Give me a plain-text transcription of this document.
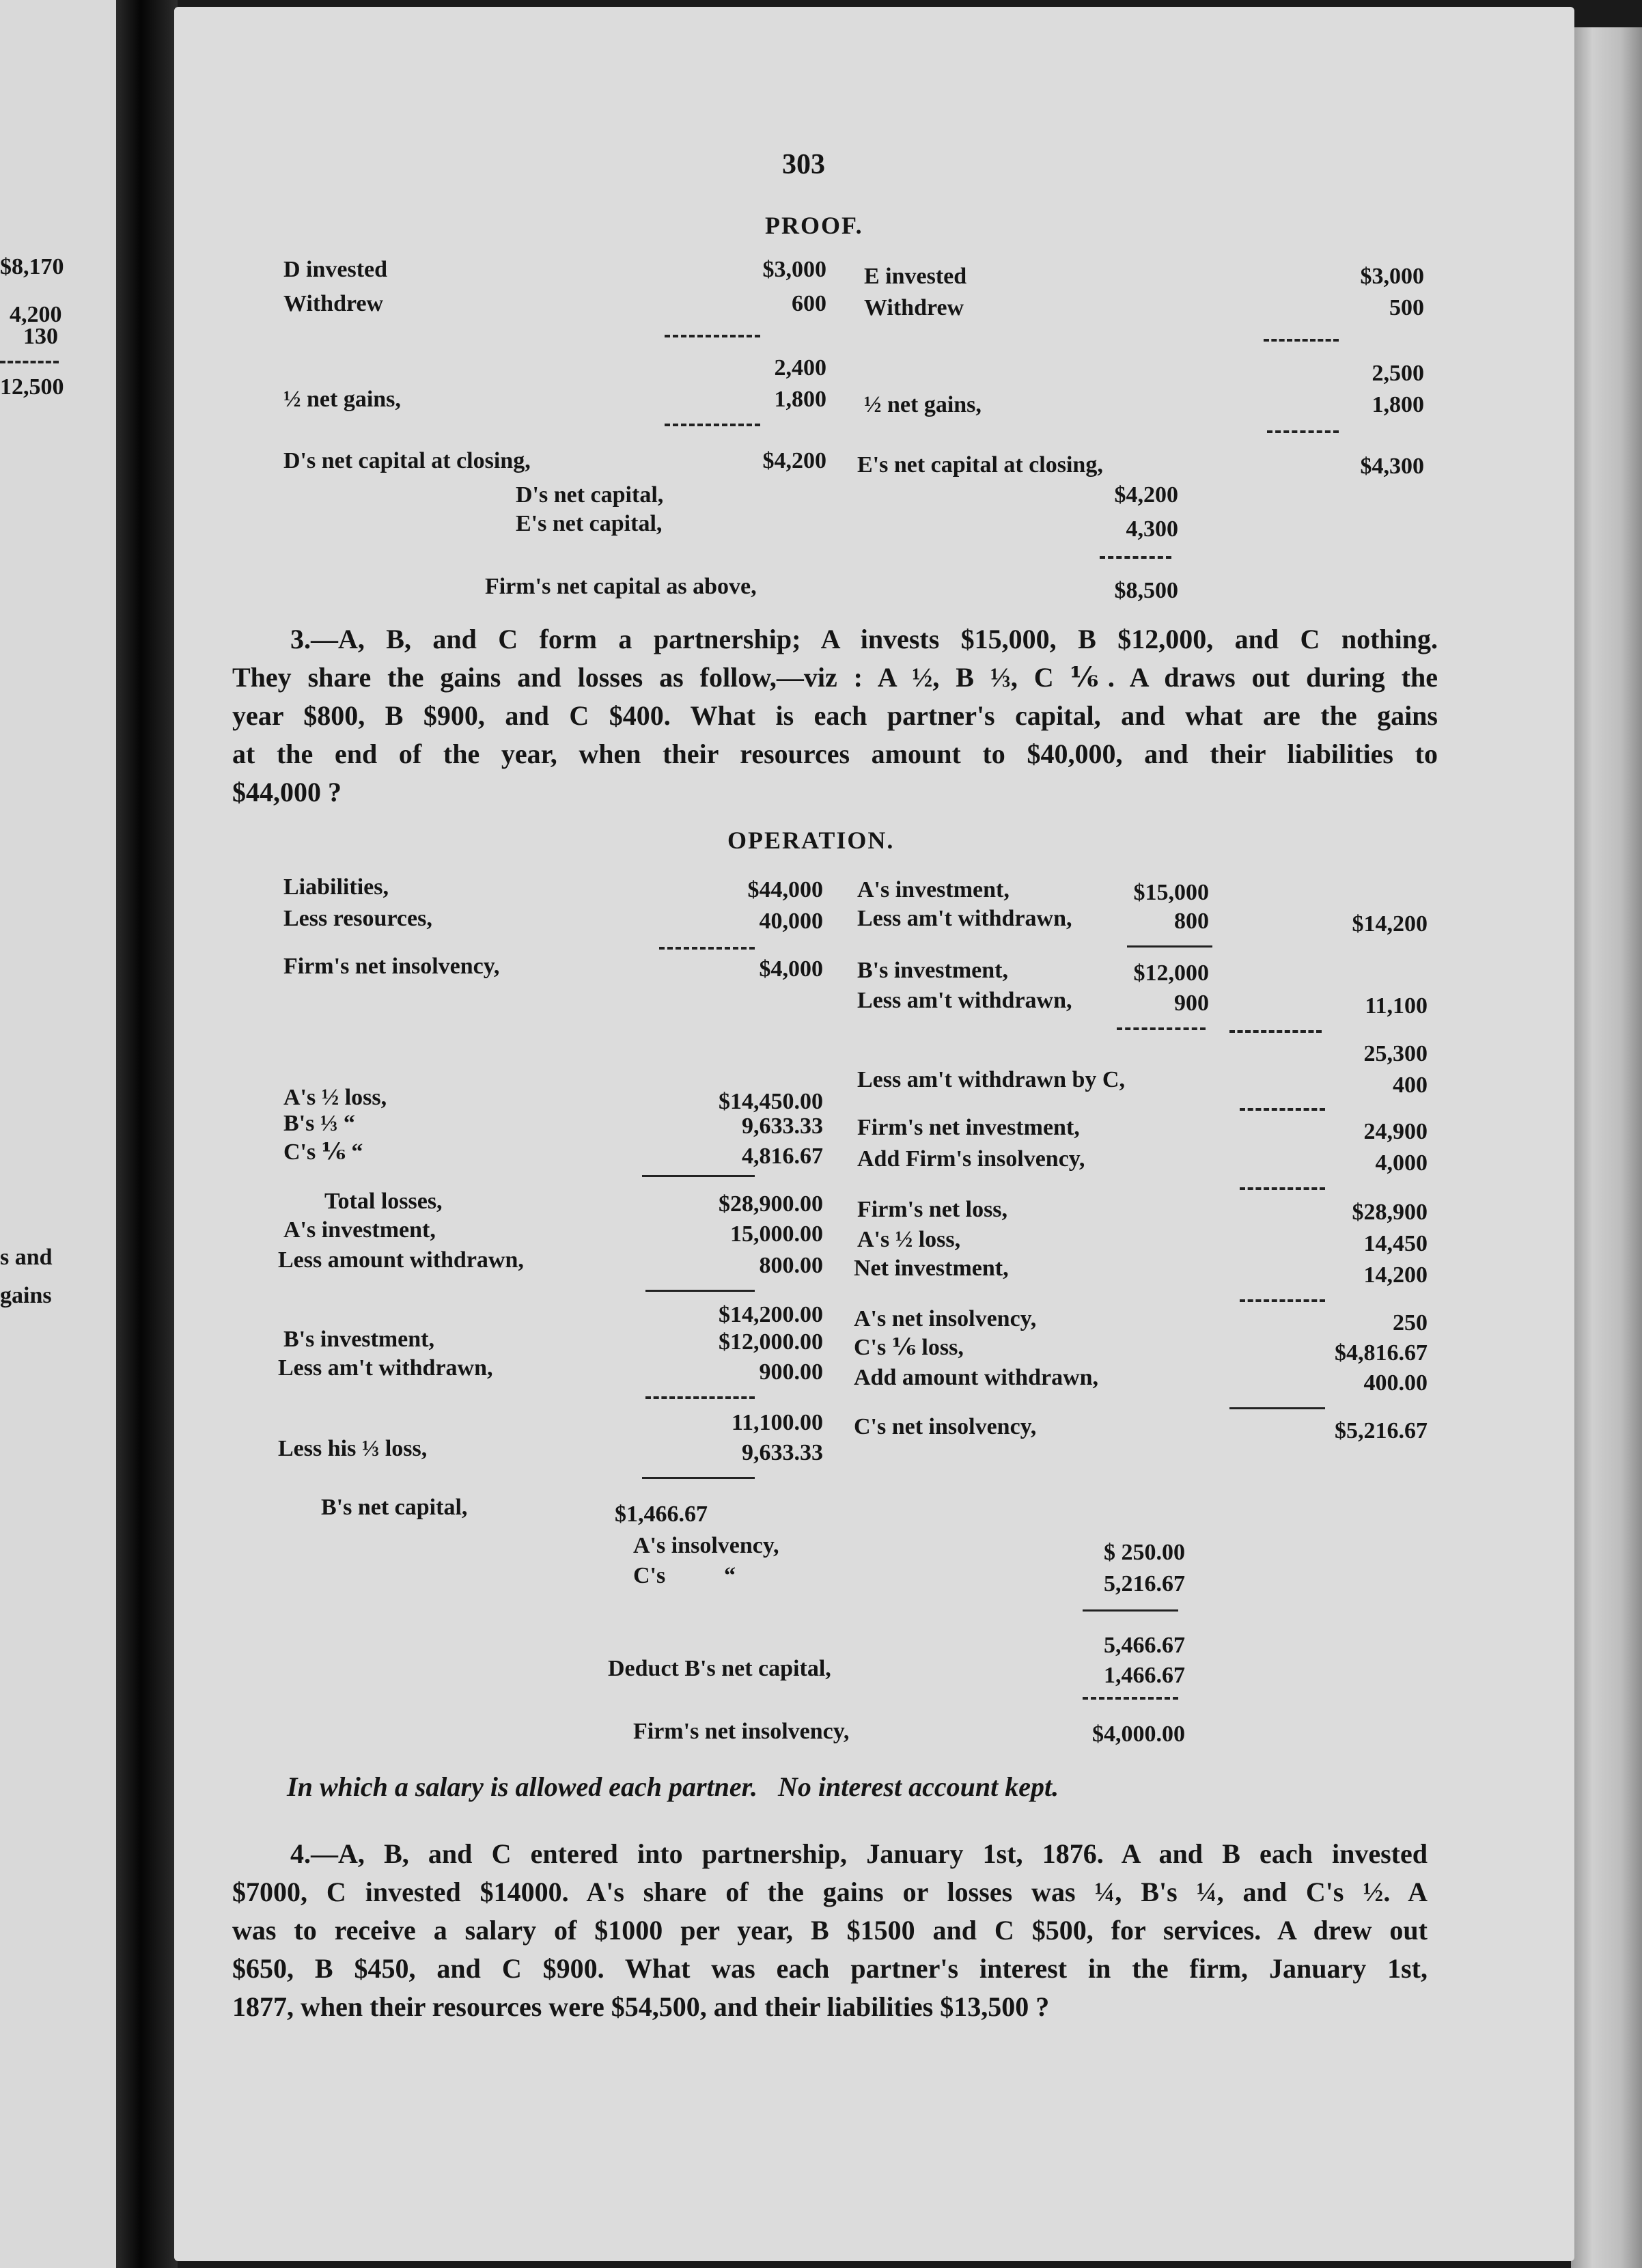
$8,170
4,200
130
12,500
s and
gains
303
PROOF.
D invested	$3,000
Withdrew	600
2,400
½ net gains,	1,800
D's net capital at closing,	$4,200
E invested	$3,000
Withdrew	500
2,500
½ net gains,	1,800
E's net capital at closing,	$4,300
D's net capital,	$4,200
E's net capital,	4,300
Firm's net capital as above,	$8,500
3.—A, B, and C form a partnership; A invests $15,000, B $12,000, and C nothing.
They share the gains and losses as follow,—viz : A ½, B ⅓, C ⅙. A draws out during the
year $800, B $900, and C $400. What is each partner's capital, and what are the gains
at the end of the year, when their resources amount to $40,000, and their liabilities to
$44,000 ?
OPERATION.
Liabilities,	$44,000
Less resources,	40,000
Firm's net insolvency,	$4,000
A's ½ loss,	$14,450.00
B's ⅓ “	9,633.33
C's ⅙ “	4,816.67
Total losses,	$28,900.00
A's investment,	15,000.00
Less amount withdrawn,	800.00
$14,200.00
B's investment,	$12,000.00
Less am't withdrawn,	900.00
11,100.00
Less his ⅓ loss,	9,633.33
B's net capital,	$1,466.67
A's investment,	$15,000
Less am't withdrawn,	800	$14,200
B's investment,	$12,000
Less am't withdrawn,	900	11,100
25,300
Less am't withdrawn by C,	400
Firm's net investment,	24,900
Add Firm's insolvency,	4,000
Firm's net loss,	$28,900
A's ½ loss,	14,450
Net investment,	14,200
A's net insolvency,	250
C's ⅙ loss,	$4,816.67
Add amount withdrawn,	400.00
C's net insolvency,	$5,216.67
A's insolvency,	$ 250.00
C's	“	5,216.67
5,466.67
Deduct B's net capital,	1,466.67
Firm's net insolvency,	$4,000.00
In which a salary is allowed each partner.   No interest account kept.
4.—A, B, and C entered into partnership, January 1st, 1876. A and B each invested
$7000, C invested $14000. A's share of the gains or losses was ¼, B's ¼, and C's ½. A
was to receive a salary of $1000 per year, B $1500 and C $500, for services. A drew out
$650, B $450, and C $900. What was each partner's interest in the firm, January 1st,
1877, when their resources were $54,500, and their liabilities $13,500 ?
